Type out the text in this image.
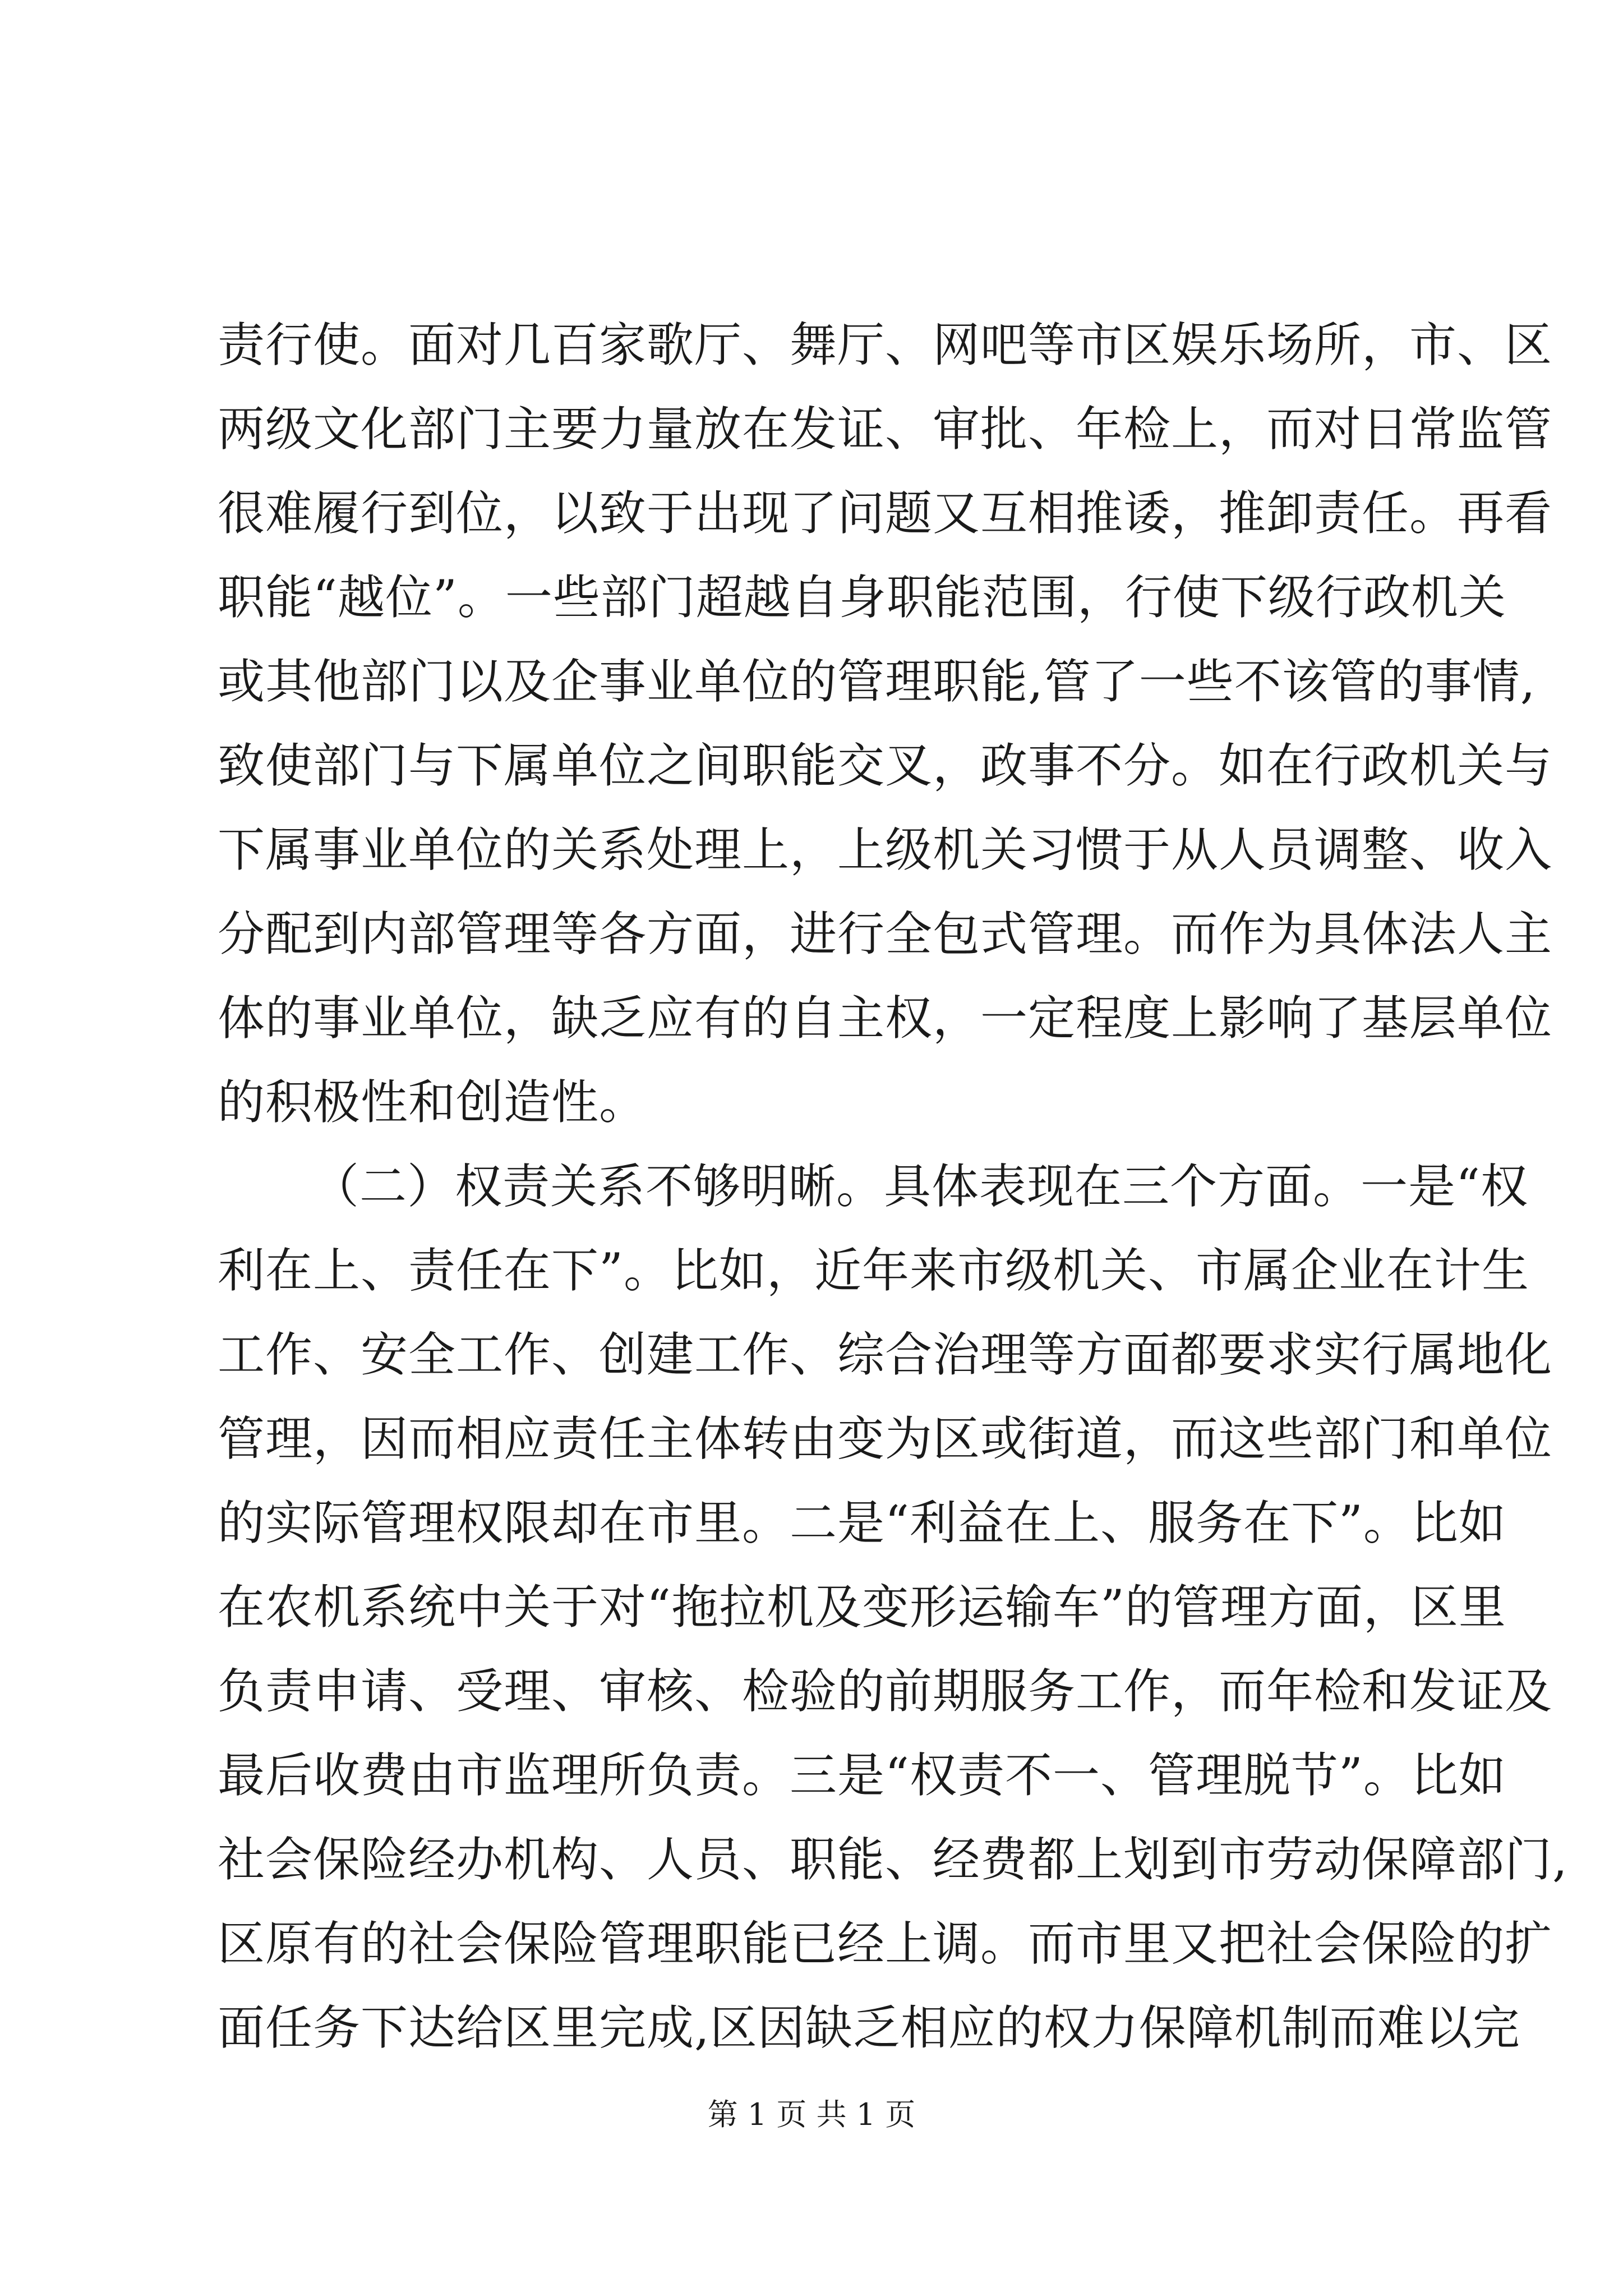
责行使。面对几百家歌厅、舞厅、网吧等市区娱乐场所，市、区
两级文化部门主要力量放在发证、审批、年检上，而对日常监管
很难履行到位，以致于出现了问题又互相推诿，推卸责任。再看
职能“越位”。一些部门超越自身职能范围，行使下级行政机关
或其他部门以及企事业单位的管理职能,管了一些不该管的事情,
致使部门与下属单位之间职能交叉，政事不分。如在行政机关与
下属事业单位的关系处理上，上级机关习惯于从人员调整、收入
分配到内部管理等各方面，进行全包式管理。而作为具体法人主
体的事业单位，缺乏应有的自主权，一定程度上影响了基层单位
的积极性和创造性。
（二）权责关系不够明晰。具体表现在三个方面。一是“权
利在上、责任在下”。比如，近年来市级机关、市属企业在计生
工作、安全工作、创建工作、综合治理等方面都要求实行属地化
管理，因而相应责任主体转由变为区或街道，而这些部门和单位
的实际管理权限却在市里。二是“利益在上、服务在下”。比如
在农机系统中关于对“拖拉机及变形运输车”的管理方面，区里
负责申请、受理、审核、检验的前期服务工作，而年检和发证及
最后收费由市监理所负责。三是“权责不一、管理脱节”。比如
社会保险经办机构、人员、职能、经费都上划到市劳动保障部门,
区原有的社会保险管理职能已经上调。而市里又把社会保险的扩
面任务下达给区里完成,区因缺乏相应的权力保障机制而难以完
第 1 页 共 1 页
